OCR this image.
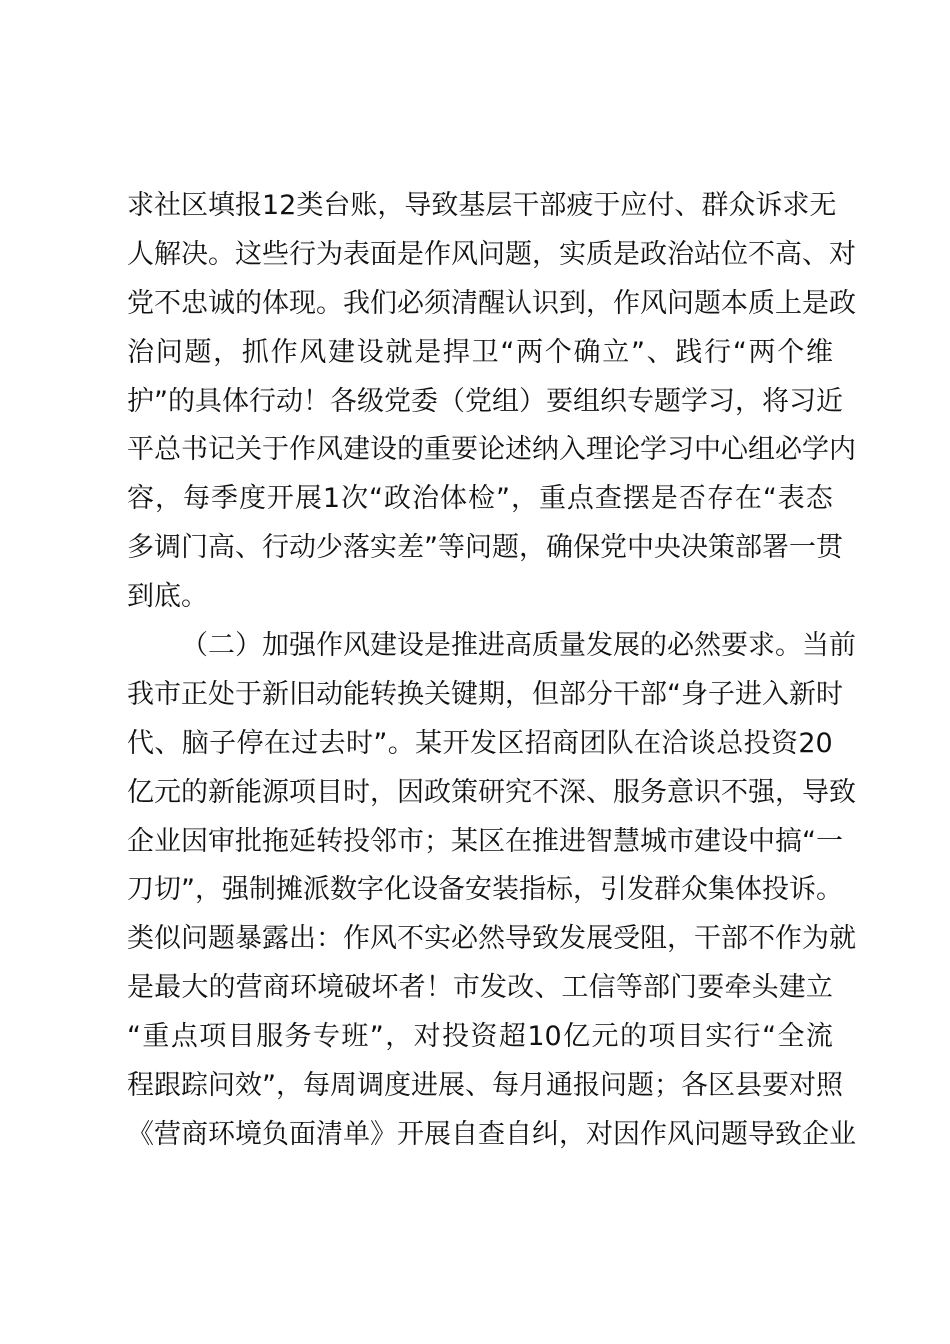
求 社 区 填 报 12 类 台 账 ， 导 致 基 层 干 部 疲 于 应 付 、 群 众 诉 求 无
人 解 决 。 这 些 行 为 表 面 是 作 风 问 题 ， 实 质 是 政 治 站 位 不 高 、 对
党 不 忠 诚 的 体 现 。 我 们 必 须 清 醒 认 识 到 ， 作 风 问 题 本 质 上 是 政
治 问 题 ， 抓 作 风 建 设 就 是 捍 卫 “ 两 个 确 立 ” 、 践 行 “ 两 个 维
护 ” 的 具 体 行 动 ！ 各 级 党 委 （ 党 组 ） 要 组 织 专 题 学 习 ， 将 习 近
平 总 书 记 关 于 作 风 建 设 的 重 要 论 述 纳 入 理 论 学 习 中 心 组 必 学 内
容 ， 每 季 度 开 展 1 次 “ 政 治 体 检 ” ， 重 点 查 摆 是 否 存 在 “ 表 态
多 调 门 高 、 行 动 少 落 实 差 ” 等 问 题 ， 确 保 党 中 央 决 策 部 署 一 贯
到底。
（ 二 ） 加 强 作 风 建 设 是 推 进 高 质 量 发 展 的 必 然 要 求 。 当 前
我 市 正 处 于 新 旧 动 能 转 换 关 键 期 ， 但 部 分 干 部 “ 身 子 进 入 新 时
代 、 脑 子 停 在 过 去 时 ” 。 某 开 发 区 招 商 团 队 在 洽 谈 总 投 资 20
亿 元 的 新 能 源 项 目 时 ， 因 政 策 研 究 不 深 、 服 务 意 识 不 强 ， 导 致
企 业 因 审 批 拖 延 转 投 邻 市 ； 某 区 在 推 进 智 慧 城 市 建 设 中 搞 “ 一
刀 切 ” ， 强 制 摊 派 数 字 化 设 备 安 装 指 标 ， 引 发 群 众 集 体 投 诉 。
类 似 问 题 暴 露 出 ： 作 风 不 实 必 然 导 致 发 展 受 阻 ， 干 部 不 作 为 就
是 最 大 的 营 商 环 境 破 坏 者 ！ 市 发 改 、 工 信 等 部 门 要 牵 头 建 立
“ 重 点 项 目 服 务 专 班 ” ， 对 投 资 超 10 亿 元 的 项 目 实 行 “ 全 流
程 跟 踪 问 效 ” ， 每 周 调 度 进 展 、 每 月 通 报 问 题 ； 各 区 县 要 对 照
《 营 商 环 境 负 面 清 单 》 开 展 自 查 自 纠 ， 对 因 作 风 问 题 导 致 企 业
